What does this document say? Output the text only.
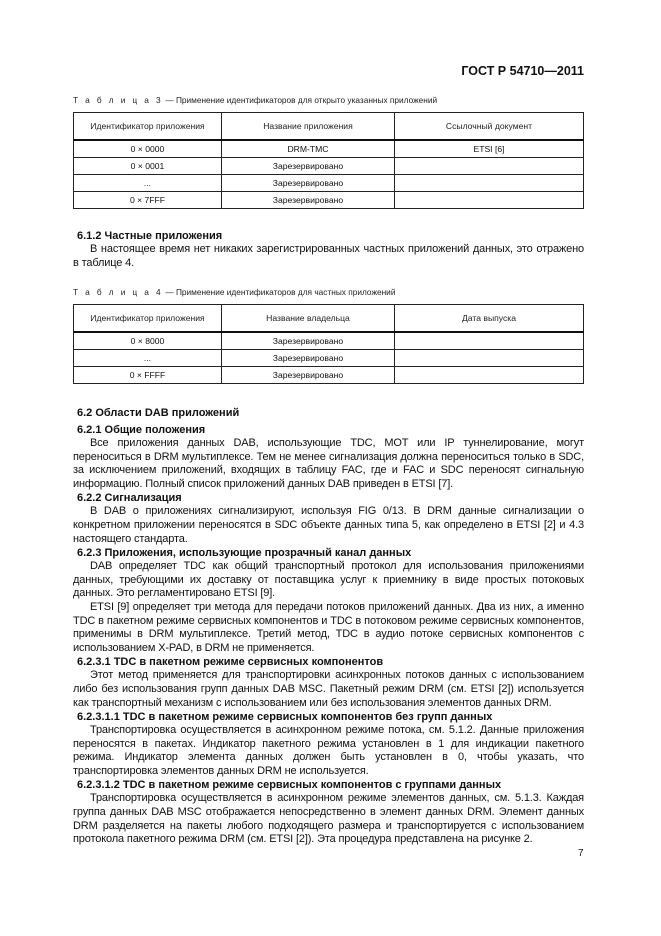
ГОСТ Р 54710—2011
Т а б л и ц а 3 — Применение идентификаторов для открыто указанных приложений
Идентификатор приложения	Название приложения	Ссылочный документ
0 × 0000	DRM-TMC	ETSI [6]
0 × 0001	Зарезервировано	
...	Зарезервировано	
0 × 7FFF	Зарезервировано	
6.1.2 Частные приложения
В настоящее время нет никаких зарегистрированных частных приложений данных, это отражено в таблице 4.
Т а б л и ц а 4 — Применение идентификаторов для частных приложений
Идентификатор приложения	Название владельца	Дата выпуска
0 × 8000	Зарезервировано	
...	Зарезервировано	
0 × FFFF	Зарезервировано	
6.2 Области DAB приложений
6.2.1 Общие положения
Все приложения данных DAB, использующие TDC, MOT или IP туннелирование, могут переноситься в DRM мультиплексе. Тем не менее сигнализация должна переноситься только в SDC, за исключением приложений, входящих в таблицу FAC, где и FAC и SDC переносят сигнальную информацию. Полный список приложений данных DAB приведен в ETSI [7].
6.2.2 Сигнализация
В DAB о приложениях сигнализируют, используя FIG 0/13. В DRM данные сигнализации о конкретном приложении переносятся в SDC объекте данных типа 5, как определено в ETSI [2] и 4.3 настоящего стандарта.
6.2.3 Приложения, использующие прозрачный канал данных
DAB определяет TDC как общий транспортный протокол для использования приложениями данных, требующими их доставку от поставщика услуг к приемнику в виде простых потоковых данных. Это регламентировано ETSI [9].
ETSI [9] определяет три метода для передачи потоков приложений данных. Два из них, а именно TDC в пакетном режиме сервисных компонентов и TDC в потоковом режиме сервисных компонентов, применимы в DRM мультиплексе. Третий метод, TDC в аудио потоке сервисных компонентов с использованием X-PAD, в DRM не применяется.
6.2.3.1 TDC в пакетном режиме сервисных компонентов
Этот метод применяется для транспортировки асинхронных потоков данных с использованием либо без использования групп данных DAB MSC. Пакетный режим DRM (см. ETSI [2]) используется как транспортный механизм с использованием или без использования элементов данных DRM.
6.2.3.1.1 TDC в пакетном режиме сервисных компонентов без групп данных
Транспортировка осуществляется в асинхронном режиме потока, см. 5.1.2. Данные приложения переносятся в пакетах. Индикатор пакетного режима установлен в 1 для индикации пакетного режима. Индикатор элемента данных должен быть установлен в 0, чтобы указать, что транспортировка элементов данных DRM не используется.
6.2.3.1.2 TDC в пакетном режиме сервисных компонентов с группами данных
Транспортировка осуществляется в асинхронном режиме элементов данных, см. 5.1.3. Каждая группа данных DAB MSC отображается непосредственно в элемент данных DRM. Элемент данных DRM разделяется на пакеты любого подходящего размера и транспортируется с использованием протокола пакетного режима DRM (см. ETSI [2]). Эта процедура представлена на рисунке 2.
7
